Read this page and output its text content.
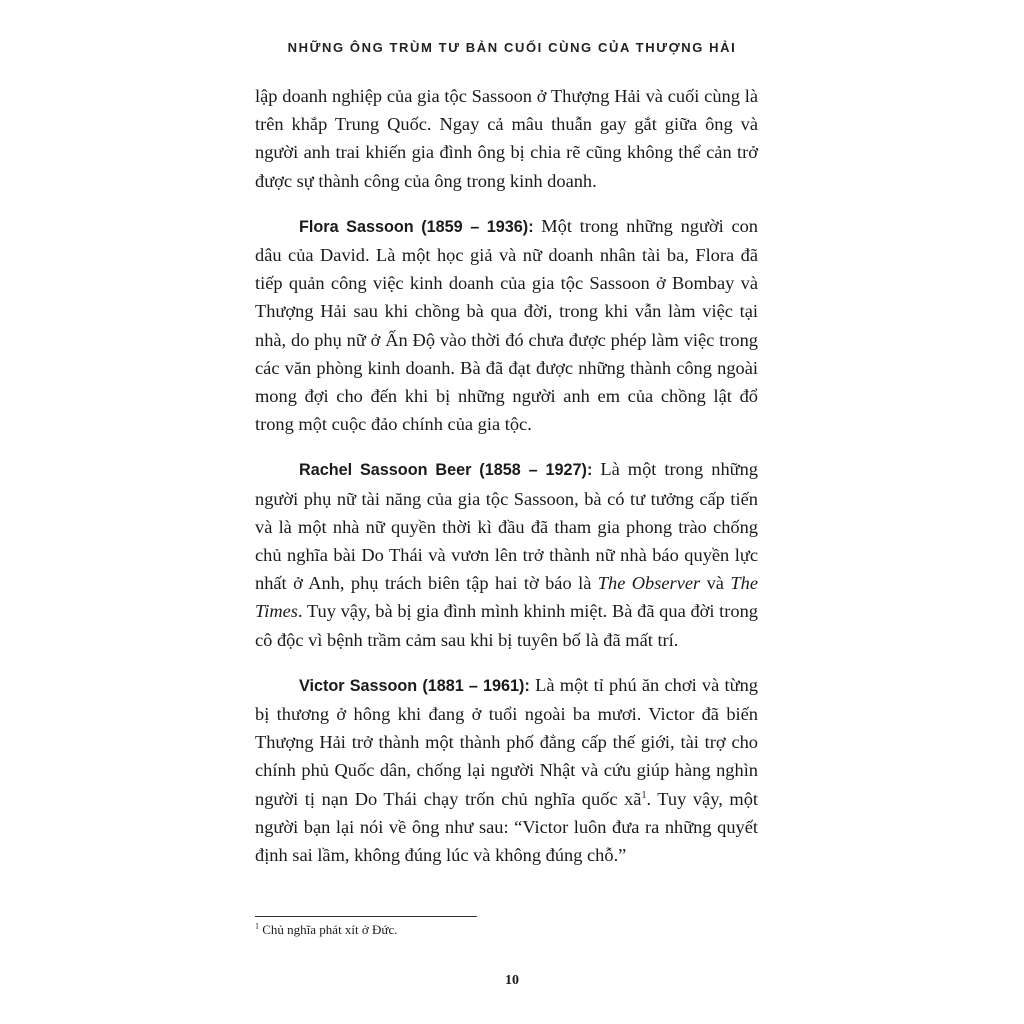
NHỮNG ÔNG TRÙM TƯ BẢN CUỐI CÙNG CỦA THƯỢNG HẢI

lập doanh nghiệp của gia tộc Sassoon ở Thượng Hải và cuối cùng là trên khắp Trung Quốc. Ngay cả mâu thuẫn gay gắt giữa ông và người anh trai khiến gia đình ông bị chia rẽ cũng không thể cản trở được sự thành công của ông trong kinh doanh.

Flora Sassoon (1859 – 1936): Một trong những người con dâu của David. Là một học giả và nữ doanh nhân tài ba, Flora đã tiếp quản công việc kinh doanh của gia tộc Sassoon ở Bombay và Thượng Hải sau khi chồng bà qua đời, trong khi vẫn làm việc tại nhà, do phụ nữ ở Ấn Độ vào thời đó chưa được phép làm việc trong các văn phòng kinh doanh. Bà đã đạt được những thành công ngoài mong đợi cho đến khi bị những người anh em của chồng lật đổ trong một cuộc đảo chính của gia tộc.

Rachel Sassoon Beer (1858 – 1927): Là một trong những người phụ nữ tài năng của gia tộc Sassoon, bà có tư tưởng cấp tiến và là một nhà nữ quyền thời kì đầu đã tham gia phong trào chống chủ nghĩa bài Do Thái và vươn lên trở thành nữ nhà báo quyền lực nhất ở Anh, phụ trách biên tập hai tờ báo là The Observer và The Times. Tuy vậy, bà bị gia đình mình khinh miệt. Bà đã qua đời trong cô độc vì bệnh trầm cảm sau khi bị tuyên bố là đã mất trí.

Victor Sassoon (1881 – 1961): Là một tỉ phú ăn chơi và từng bị thương ở hông khi đang ở tuổi ngoài ba mươi. Victor đã biến Thượng Hải trở thành một thành phố đẳng cấp thế giới, tài trợ cho chính phủ Quốc dân, chống lại người Nhật và cứu giúp hàng nghìn người tị nạn Do Thái chạy trốn chủ nghĩa quốc $xã^1$. Tuy vậy, một người bạn lại nói về ông như sau: “Victor luôn đưa ra những quyết định sai lầm, không đúng lúc và không đúng chỗ.”

$^1$ Chủ nghĩa phát xít ở Đức.
10
